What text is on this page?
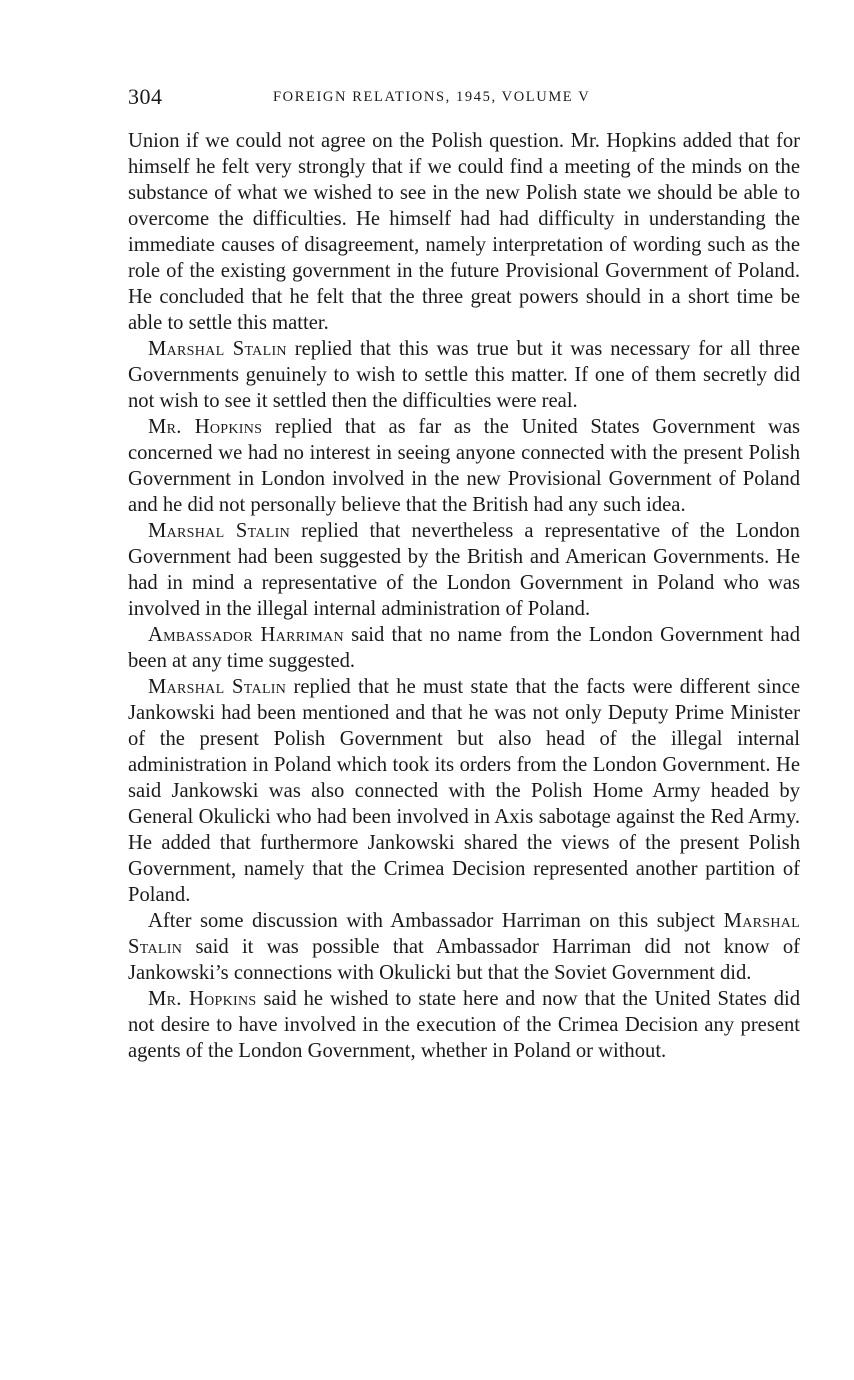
304	FOREIGN RELATIONS, 1945, VOLUME V

Union if we could not agree on the Polish question. Mr. Hopkins added that for himself he felt very strongly that if we could find a meeting of the minds on the substance of what we wished to see in the new Polish state we should be able to overcome the difficulties. He himself had had difficulty in understanding the immediate causes of disagreement, namely interpretation of wording such as the role of the existing government in the future Provisional Government of Poland. He concluded that he felt that the three great powers should in a short time be able to settle this matter.

Marshal Stalin replied that this was true but it was necessary for all three Governments genuinely to wish to settle this matter. If one of them secretly did not wish to see it settled then the difficulties were real.

Mr. Hopkins replied that as far as the United States Government was concerned we had no interest in seeing anyone connected with the present Polish Government in London involved in the new Provisional Government of Poland and he did not personally believe that the British had any such idea.

Marshal Stalin replied that nevertheless a representative of the London Government had been suggested by the British and American Governments. He had in mind a representative of the London Government in Poland who was involved in the illegal internal administration of Poland.

Ambassador Harriman said that no name from the London Government had been at any time suggested.

Marshal Stalin replied that he must state that the facts were different since Jankowski had been mentioned and that he was not only Deputy Prime Minister of the present Polish Government but also head of the illegal internal administration in Poland which took its orders from the London Government. He said Jankowski was also connected with the Polish Home Army headed by General Okulicki who had been involved in Axis sabotage against the Red Army. He added that furthermore Jankowski shared the views of the present Polish Government, namely that the Crimea Decision represented another partition of Poland.

After some discussion with Ambassador Harriman on this subject Marshal Stalin said it was possible that Ambassador Harriman did not know of Jankowski’s connections with Okulicki but that the Soviet Government did.

Mr. Hopkins said he wished to state here and now that the United States did not desire to have involved in the execution of the Crimea Decision any present agents of the London Government, whether in Poland or without.
